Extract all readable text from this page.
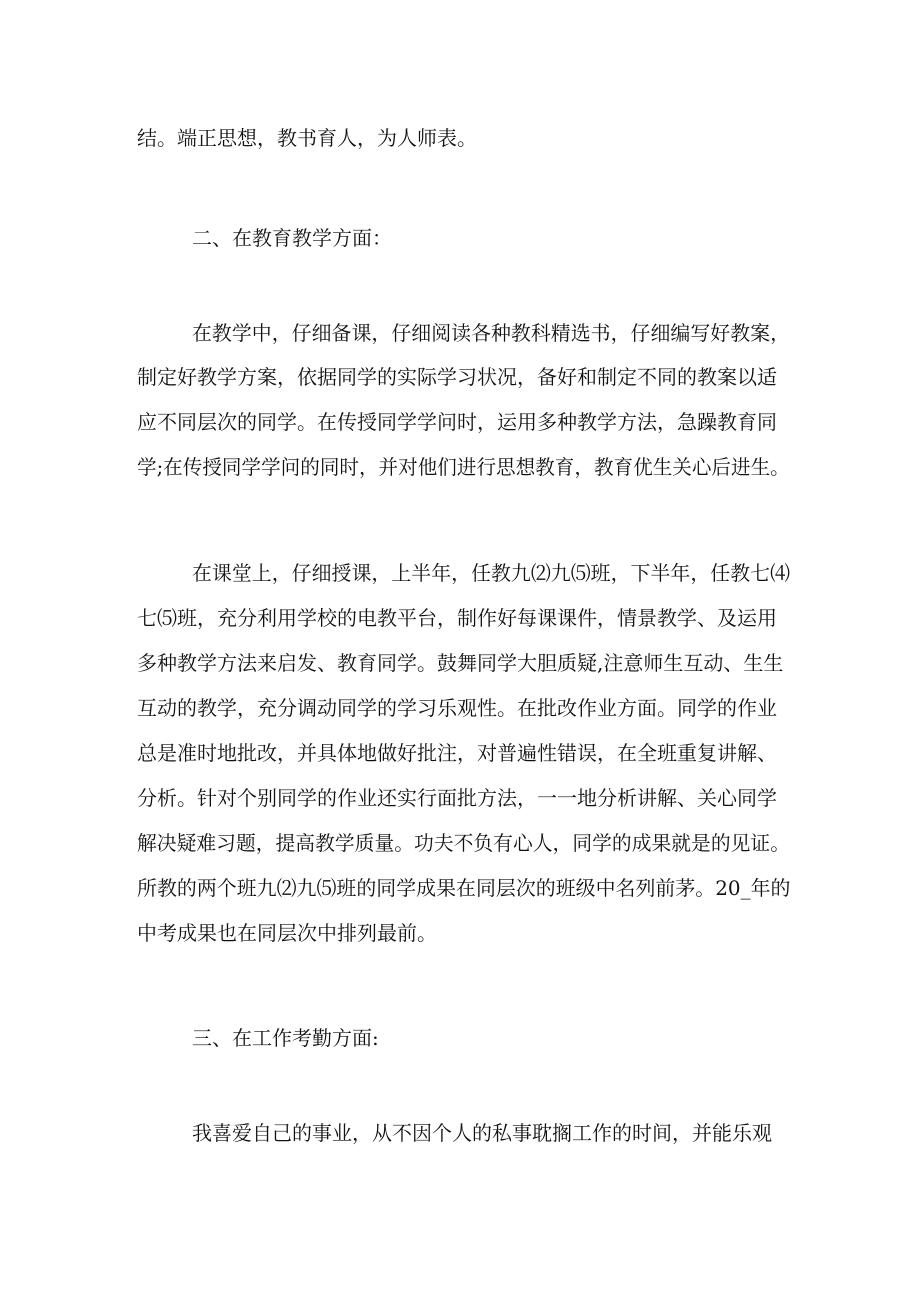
结。端正思想，教书育人，为人师表。
二、在教育教学方面：
在教学中，仔细备课，仔细阅读各种教科精选书，仔细编写好教案，
制定好教学方案，依据同学的实际学习状况，备好和制定不同的教案以适
应不同层次的同学。在传授同学学问时，运用多种教学方法，急躁教育同
学;在传授同学学问的同时，并对他们进行思想教育，教育优生关心后进生。
在课堂上，仔细授课，上半年，任教九⑵九⑸班，下半年，任教七⑷
七⑸班，充分利用学校的电教平台，制作好每课课件，情景教学、及运用
多种教学方法来启发、教育同学。鼓舞同学大胆质疑,注意师生互动、生生
互动的教学，充分调动同学的学习乐观性。在批改作业方面。同学的作业
总是准时地批改，并具体地做好批注，对普遍性错误，在全班重复讲解、
分析。针对个别同学的作业还实行面批方法，一一地分析讲解、关心同学
解决疑难习题，提高教学质量。功夫不负有心人，同学的成果就是的见证。
所教的两个班九⑵九⑸班的同学成果在同层次的班级中名列前茅。20_年的
中考成果也在同层次中排列最前。
三、在工作考勤方面:
我喜爱自己的事业，从不因个人的私事耽搁工作的时间，并能乐观
